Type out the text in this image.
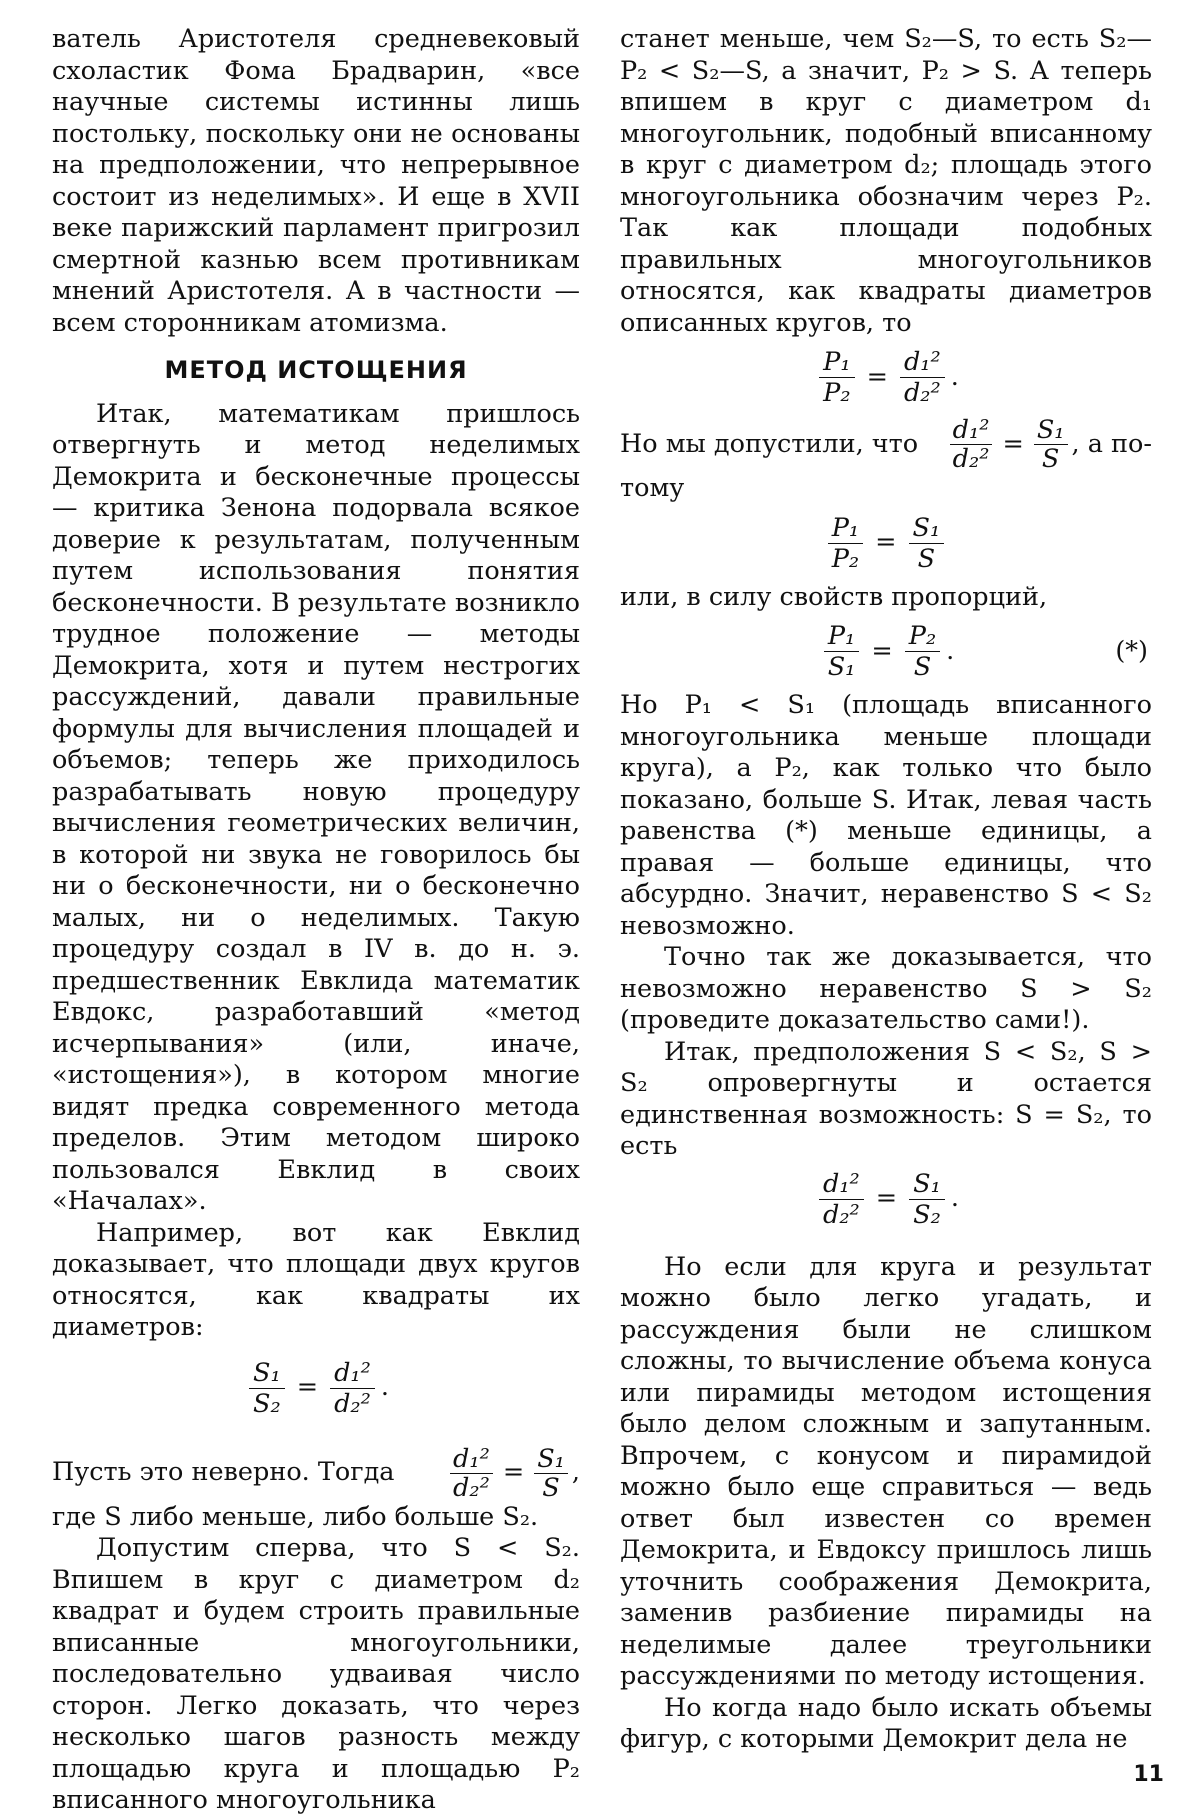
ватель Аристотеля средневековый схоластик Фома Брадварин, «все научные системы истинны лишь постольку, поскольку они не основаны на предположении, что непрерывное состоит из неделимых». И еще в XVII веке парижский парламент пригрозил смертной казнью всем противникам мнений Аристотеля. А в частности — всем сторонникам атомизма.

МЕТОД ИСТОЩЕНИЯ

Итак, математикам пришлось отвергнуть и метод неделимых Демокрита и бесконечные процессы — критика Зенона подорвала всякое доверие к результатам, полученным путем использования понятия бесконечности. В результате возникло трудное положение — методы Демокрита, хотя и путем нестрогих рассуждений, давали правильные формулы для вычисления площадей и объемов; теперь же приходилось разрабатывать новую процедуру вычисления геометрических величин, в которой ни звука не говорилось бы ни о бесконечности, ни о бесконечно малых, ни о неделимых. Такую процедуру создал в IV в. до н. э. предшественник Евклида математик Евдокс, разработавший «метод исчерпывания» (или, иначе, «истощения»), в котором многие видят предка современного метода пределов. Этим методом широко пользовался Евклид в своих «Началах».

Например, вот как Евклид доказывает, что площади двух кругов относятся, как квадраты их диаметров:

$\frac{\text{S₁}}{\text{S₂}} = \frac{\text{d₁²}}{\text{d₂²}}$ .
Пусть это неверно. Тогда $\frac{\text{d₁²}}{\text{d₂²}} = \frac{\text{S₁}}{S}$ ,

где S либо меньше, либо больше S₂.

Допустим сперва, что S < S₂. Впишем в круг с диаметром d₂ квадрат и будем строить правильные вписанные многоугольники, последовательно удваивая число сторон. Легко доказать, что через несколько шагов разность между площадью круга и площадью P₂ вписанного многоугольника

станет меньше, чем S₂—S, то есть S₂—P₂ < S₂—S, а значит, P₂ > S. А теперь впишем в круг с диаметром d₁ многоугольник, подобный вписанному в круг с диаметром d₂; площадь этого многоугольника обозначим через P₂. Так как площади подобных правильных многоугольников относятся, как квадраты диаметров описанных кругов, то

$\frac{\text{P₁}}{\text{P₂}} = \frac{\text{d₁²}}{\text{d₂²}}$ .
Но мы допустили, что $\frac{\text{d₁²}}{\text{d₂²}} = \frac{\text{S₁}}{S}$ , а по-

тому

$\frac{\text{P₁}}{\text{P₂}} = \frac{\text{S₁}}{S}$

или, в силу свойств пропорций,

$\frac{\text{P₁}}{\text{S₁}} = \frac{\text{P₂}}{S}$ .	(*)

Но P₁ < S₁ (площадь вписанного многоугольника меньше площади круга), а P₂, как только что было показано, больше S. Итак, левая часть равенства (*) меньше единицы, а правая — больше единицы, что абсурдно. Значит, неравенство S < S₂ невозможно.

Точно так же доказывается, что невозможно неравенство S > S₂ (проведите доказательство сами!).

Итак, предположения S < S₂, S > S₂ опровергнуты и остается единственная возможность: S = S₂, то есть

$\frac{\text{d₁²}}{\text{d₂²}} = \frac{\text{S₁}}{\text{S₂}}$ .

Но если для круга и результат можно было легко угадать, и рассуждения были не слишком сложны, то вычисление объема конуса или пирамиды методом истощения было делом сложным и запутанным. Впрочем, с конусом и пирамидой можно было еще справиться — ведь ответ был известен со времен Демокрита, и Евдоксу пришлось лишь уточнить соображения Демокрита, заменив разбиение пирамиды на неделимые далее треугольники рассуждениями по методу истощения.

Но когда надо было искать объемы фигур, с которыми Демокрит дела не

11
